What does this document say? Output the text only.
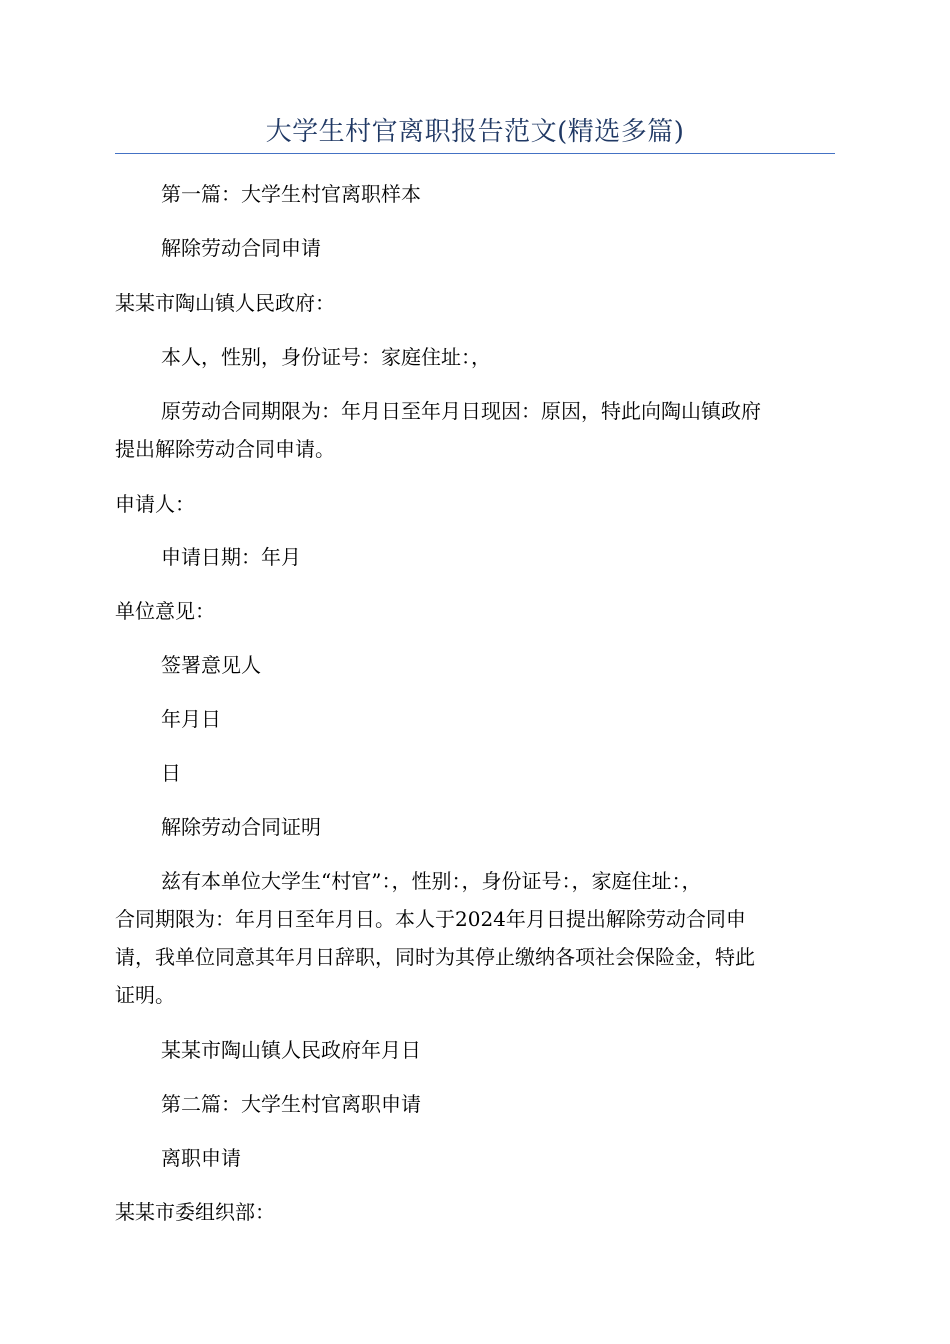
大学生村官离职报告范文(精选多篇)

第一篇：大学生村官离职样本

解除劳动合同申请

某某市陶山镇人民政府：

本人，性别，身份证号：家庭住址：，

原劳动合同期限为：年月日至年月日现因：原因，特此向陶山镇政府
提出解除劳动合同申请。

申请人：

申请日期：年月

单位意见：

签署意见人

年月日

日

解除劳动合同证明

兹有本单位大学生“村官”：，性别：，身份证号：，家庭住址：，
合同期限为：年月日至年月日。本人于2024年月日提出解除劳动合同申
请，我单位同意其年月日辞职，同时为其停止缴纳各项社会保险金，特此
证明。

某某市陶山镇人民政府年月日

第二篇：大学生村官离职申请

离职申请

某某市委组织部：
